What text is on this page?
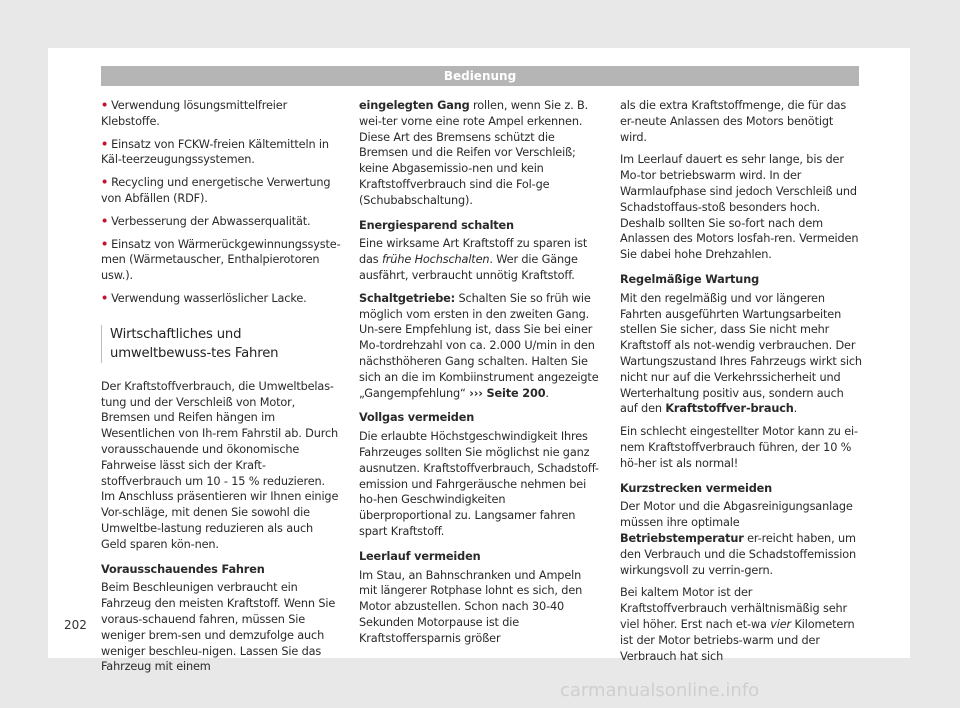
Bedienung

• Verwendung lösungsmittelfreier Klebstoffe.

• Einsatz von FCKW-freien Kältemitteln in Käl-teerzeugungssystemen.

• Recycling und energetische Verwertung von Abfällen (RDF).

• Verbesserung der Abwasserqualität.

• Einsatz von Wärmerückgewinnungssyste-men (Wärmetauscher, Enthalpierotoren usw.).

• Verwendung wasserlöslicher Lacke.

Wirtschaftliches und umweltbewuss-tes Fahren

Der Kraftstoffverbrauch, die Umweltbelas-tung und der Verschleiß von Motor, Bremsen und Reifen hängen im Wesentlichen von Ih-rem Fahrstil ab. Durch vorausschauende und ökonomische Fahrweise lässt sich der Kraft-stoffverbrauch um 10 - 15 % reduzieren. Im Anschluss präsentieren wir Ihnen einige Vor-schläge, mit denen Sie sowohl die Umweltbe-lastung reduzieren als auch Geld sparen kön-nen.

Vorausschauendes Fahren

Beim Beschleunigen verbraucht ein Fahrzeug den meisten Kraftstoff. Wenn Sie voraus-schauend fahren, müssen Sie weniger brem-sen und demzufolge auch weniger beschleu-nigen. Lassen Sie das Fahrzeug mit einem

eingelegten Gang rollen, wenn Sie z. B. wei-ter vorne eine rote Ampel erkennen. Diese Art des Bremsens schützt die Bremsen und die Reifen vor Verschleiß; keine Abgasemissio-nen und kein Kraftstoffverbrauch sind die Fol-ge (Schubabschaltung).

Energiesparend schalten

Eine wirksame Art Kraftstoff zu sparen ist das frühe Hochschalten. Wer die Gänge ausfährt, verbraucht unnötig Kraftstoff.

Schaltgetriebe: Schalten Sie so früh wie möglich vom ersten in den zweiten Gang. Un-sere Empfehlung ist, dass Sie bei einer Mo-tordrehzahl von ca. 2.000 U/min in den nächsthöheren Gang schalten. Halten Sie sich an die im Kombiinstrument angezeigte „Gangempfehlung“ ››› Seite 200.

Vollgas vermeiden

Die erlaubte Höchstgeschwindigkeit Ihres Fahrzeuges sollten Sie möglichst nie ganz ausnutzen. Kraftstoffverbrauch, Schadstoff-emission und Fahrgeräusche nehmen bei ho-hen Geschwindigkeiten überproportional zu. Langsamer fahren spart Kraftstoff.

Leerlauf vermeiden

Im Stau, an Bahnschranken und Ampeln mit längerer Rotphase lohnt es sich, den Motor abzustellen. Schon nach 30-40 Sekunden Motorpause ist die Kraftstoffersparnis größer

als die extra Kraftstoffmenge, die für das er-neute Anlassen des Motors benötigt wird.

Im Leerlauf dauert es sehr lange, bis der Mo-tor betriebswarm wird. In der Warmlaufphase sind jedoch Verschleiß und Schadstoffaus-stoß besonders hoch. Deshalb sollten Sie so-fort nach dem Anlassen des Motors losfah-ren. Vermeiden Sie dabei hohe Drehzahlen.

Regelmäßige Wartung

Mit den regelmäßig und vor längeren Fahrten ausgeführten Wartungsarbeiten stellen Sie sicher, dass Sie nicht mehr Kraftstoff als not-wendig verbrauchen. Der Wartungszustand Ihres Fahrzeugs wirkt sich nicht nur auf die Verkehrssicherheit und Werterhaltung positiv aus, sondern auch auf den Kraftstoffver-brauch.

Ein schlecht eingestellter Motor kann zu ei-nem Kraftstoffverbrauch führen, der 10 % hö-her ist als normal!

Kurzstrecken vermeiden

Der Motor und die Abgasreinigungsanlage müssen ihre optimale Betriebstemperatur er-reicht haben, um den Verbrauch und die Schadstoffemission wirkungsvoll zu verrin-gern.

Bei kaltem Motor ist der Kraftstoffverbrauch verhältnismäßig sehr viel höher. Erst nach et-wa vier Kilometern ist der Motor betriebs-warm und der Verbrauch hat sich

202
carmanualsonline.info
